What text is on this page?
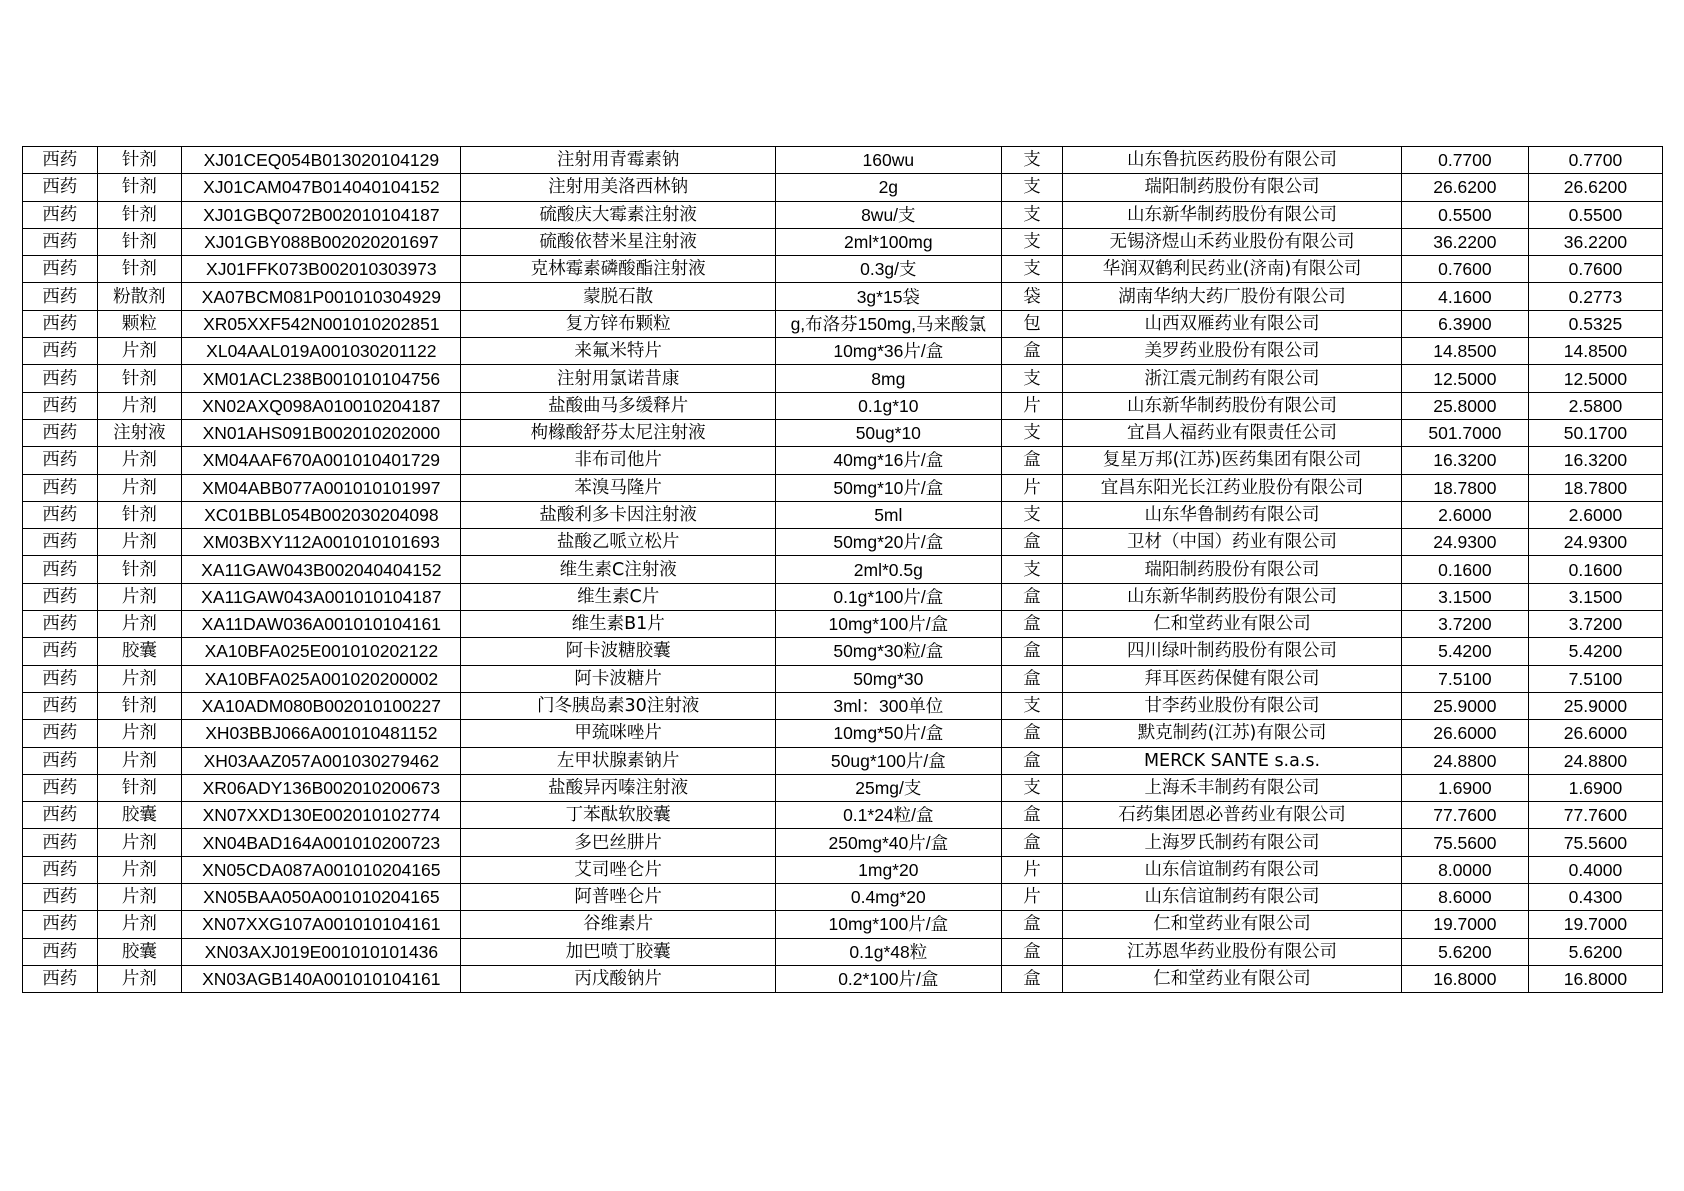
西药	针剂	XJ01CEQ054B013020104129	注射用青霉素钠	160wu	支	山东鲁抗医药股份有限公司	0.7700	0.7700
西药	针剂	XJ01CAM047B014040104152	注射用美洛西林钠	2g	支	瑞阳制药股份有限公司	26.6200	26.6200
西药	针剂	XJ01GBQ072B002010104187	硫酸庆大霉素注射液	8wu/支	支	山东新华制药股份有限公司	0.5500	0.5500
西药	针剂	XJ01GBY088B002020201697	硫酸依替米星注射液	2ml*100mg	支	无锡济煜山禾药业股份有限公司	36.2200	36.2200
西药	针剂	XJ01FFK073B002010303973	克林霉素磷酸酯注射液	0.3g/支	支	华润双鹤利民药业(济南)有限公司	0.7600	0.7600
西药	粉散剂	XA07BCM081P001010304929	蒙脱石散	3g*15袋	袋	湖南华纳大药厂股份有限公司	4.1600	0.2773
西药	颗粒	XR05XXF542N001010202851	复方锌布颗粒	g,布洛芬150mg,马来酸氯	包	山西双雁药业有限公司	6.3900	0.5325
西药	片剂	XL04AAL019A001030201122	来氟米特片	10mg*36片/盒	盒	美罗药业股份有限公司	14.8500	14.8500
西药	针剂	XM01ACL238B001010104756	注射用氯诺昔康	8mg	支	浙江震元制药有限公司	12.5000	12.5000
西药	片剂	XN02AXQ098A010010204187	盐酸曲马多缓释片	0.1g*10	片	山东新华制药股份有限公司	25.8000	2.5800
西药	注射液	XN01AHS091B002010202000	枸橼酸舒芬太尼注射液	50ug*10	支	宜昌人福药业有限责任公司	501.7000	50.1700
西药	片剂	XM04AAF670A001010401729	非布司他片	40mg*16片/盒	盒	复星万邦(江苏)医药集团有限公司	16.3200	16.3200
西药	片剂	XM04ABB077A001010101997	苯溴马隆片	50mg*10片/盒	片	宜昌东阳光长江药业股份有限公司	18.7800	18.7800
西药	针剂	XC01BBL054B002030204098	盐酸利多卡因注射液	5ml	支	山东华鲁制药有限公司	2.6000	2.6000
西药	片剂	XM03BXY112A001010101693	盐酸乙哌立松片	50mg*20片/盒	盒	卫材（中国）药业有限公司	24.9300	24.9300
西药	针剂	XA11GAW043B002040404152	维生素C注射液	2ml*0.5g	支	瑞阳制药股份有限公司	0.1600	0.1600
西药	片剂	XA11GAW043A001010104187	维生素C片	0.1g*100片/盒	盒	山东新华制药股份有限公司	3.1500	3.1500
西药	片剂	XA11DAW036A001010104161	维生素B1片	10mg*100片/盒	盒	仁和堂药业有限公司	3.7200	3.7200
西药	胶囊	XA10BFA025E001010202122	阿卡波糖胶囊	50mg*30粒/盒	盒	四川绿叶制药股份有限公司	5.4200	5.4200
西药	片剂	XA10BFA025A001020200002	阿卡波糖片	50mg*30	盒	拜耳医药保健有限公司	7.5100	7.5100
西药	针剂	XA10ADM080B002010100227	门冬胰岛素30注射液	3ml：300单位	支	甘李药业股份有限公司	25.9000	25.9000
西药	片剂	XH03BBJ066A001010481152	甲巯咪唑片	10mg*50片/盒	盒	默克制药(江苏)有限公司	26.6000	26.6000
西药	片剂	XH03AAZ057A001030279462	左甲状腺素钠片	50ug*100片/盒	盒	MERCK SANTE s.a.s.	24.8800	24.8800
西药	针剂	XR06ADY136B002010200673	盐酸异丙嗪注射液	25mg/支	支	上海禾丰制药有限公司	1.6900	1.6900
西药	胶囊	XN07XXD130E002010102774	丁苯酞软胶囊	0.1*24粒/盒	盒	石药集团恩必普药业有限公司	77.7600	77.7600
西药	片剂	XN04BAD164A001010200723	多巴丝肼片	250mg*40片/盒	盒	上海罗氏制药有限公司	75.5600	75.5600
西药	片剂	XN05CDA087A001010204165	艾司唑仑片	1mg*20	片	山东信谊制药有限公司	8.0000	0.4000
西药	片剂	XN05BAA050A001010204165	阿普唑仑片	0.4mg*20	片	山东信谊制药有限公司	8.6000	0.4300
西药	片剂	XN07XXG107A001010104161	谷维素片	10mg*100片/盒	盒	仁和堂药业有限公司	19.7000	19.7000
西药	胶囊	XN03AXJ019E001010101436	加巴喷丁胶囊	0.1g*48粒	盒	江苏恩华药业股份有限公司	5.6200	5.6200
西药	片剂	XN03AGB140A001010104161	丙戊酸钠片	0.2*100片/盒	盒	仁和堂药业有限公司	16.8000	16.8000
